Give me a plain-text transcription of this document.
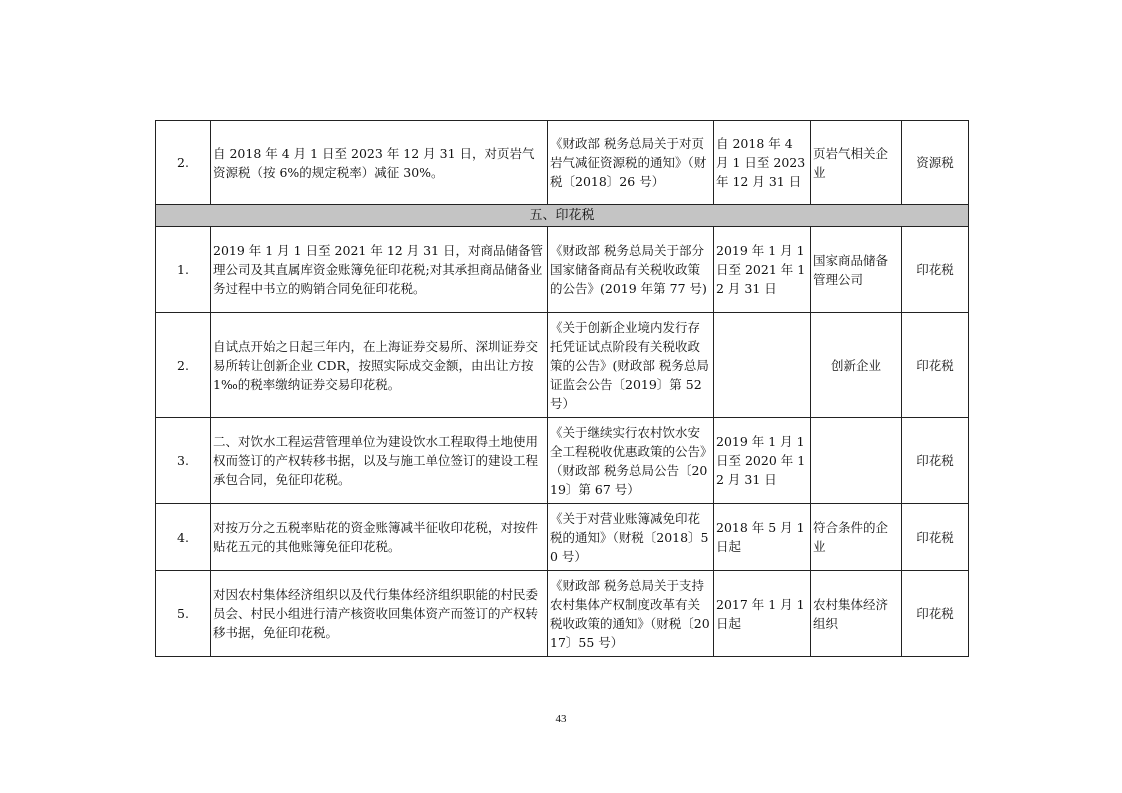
2.	自 2018 年 4 月 1 日至 2023 年 12 月 31 日，对页岩气资源税（按 6%的规定税率）减征 30%。	《财政部 税务总局关于对页岩气减征资源税的通知》（财税〔2018〕26 号）	自 2018 年 4 月 1 日至 2023 年 12 月 31 日	页岩气相关企业	资源税
五、印花税					
1.	2019 年 1 月 1 日至 2021 年 12 月 31 日，对商品储备管理公司及其直属库资金账簿免征印花税;对其承担商品储备业务过程中书立的购销合同免征印花税。	《财政部 税务总局关于部分国家储备商品有关税收政策的公告》(2019 年第 77 号)	2019 年 1 月 1 日至 2021 年 12 月 31 日	国家商品储备管理公司	印花税
2.	自试点开始之日起三年内，在上海证券交易所、深圳证券交易所转让创新企业 CDR，按照实际成交金额，由出让方按 1‰的税率缴纳证券交易印花税。	《关于创新企业境内发行存托凭证试点阶段有关税收政策的公告》(财政部 税务总局 证监会公告〔2019〕第 52 号）		创新企业	印花税
3.	二、对饮水工程运营管理单位为建设饮水工程取得土地使用权而签订的产权转移书据，以及与施工单位签订的建设工程承包合同，免征印花税。	《关于继续实行农村饮水安全工程税收优惠政策的公告》（财政部 税务总局公告〔2019〕第 67 号）	2019 年 1 月 1 日至 2020 年 12 月 31 日		印花税
4.	对按万分之五税率贴花的资金账簿减半征收印花税，对按件贴花五元的其他账簿免征印花税。	《关于对营业账簿减免印花税的通知》（财税〔2018〕50 号）	2018 年 5 月 1 日起	符合条件的企业	印花税
5.	对因农村集体经济组织以及代行集体经济组织职能的村民委员会、村民小组进行清产核资收回集体资产而签订的产权转移书据，免征印花税。	《财政部 税务总局关于支持农村集体产权制度改革有关税收政策的通知》（财税〔2017〕55 号）	2017 年 1 月 1 日起	农村集体经济组织	印花税
43
